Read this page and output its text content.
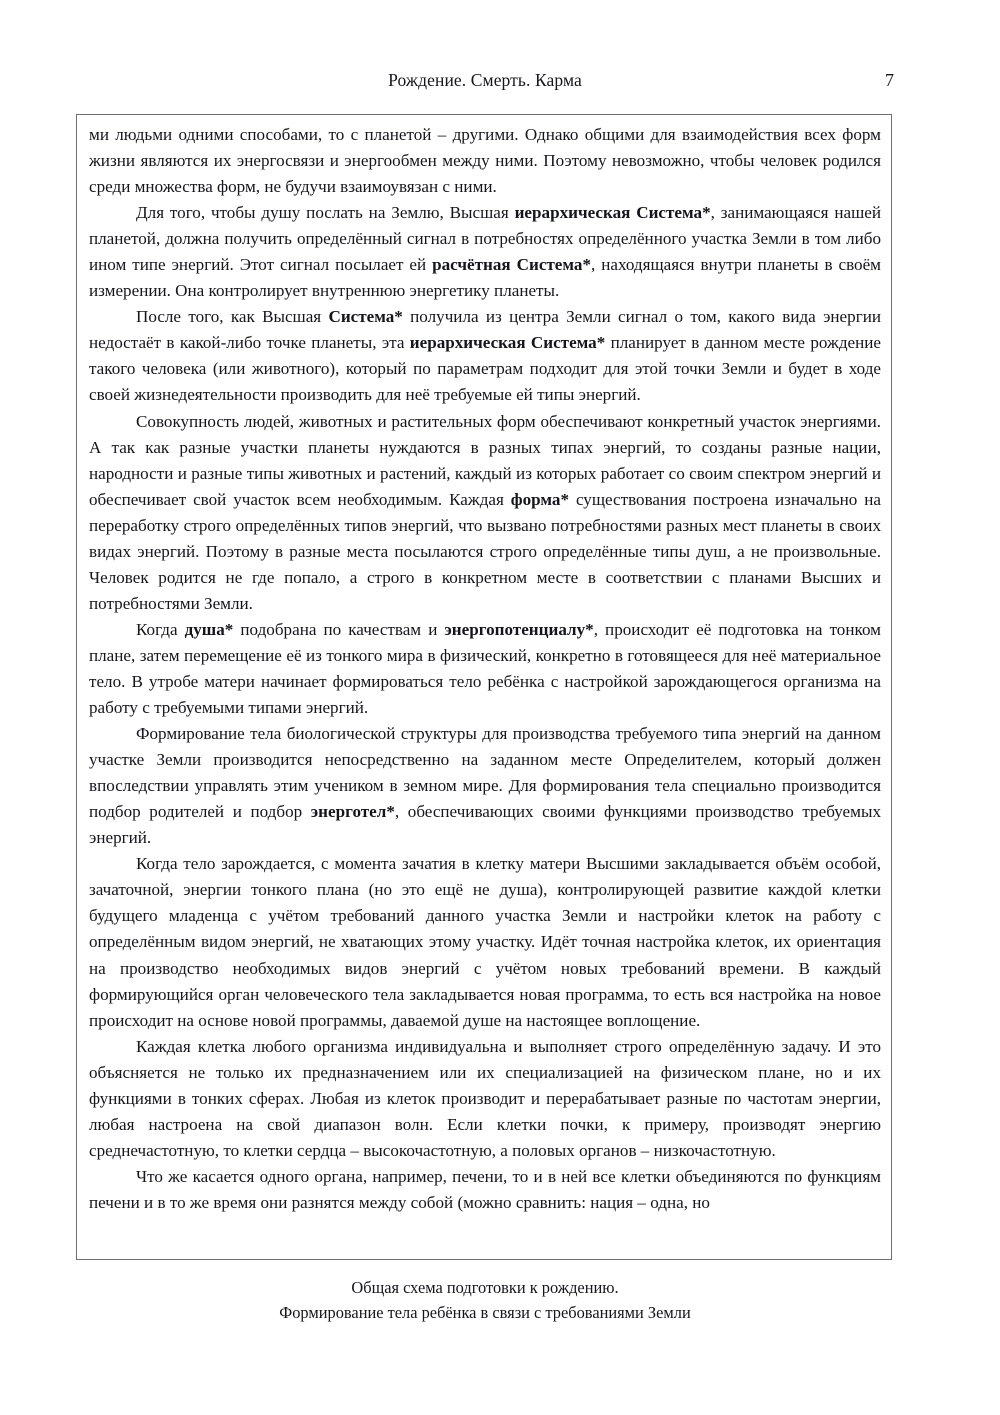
Рождение. Смерть. Карма	7

ми людьми одними способами, то с планетой – другими. Однако общими для взаимодействия всех форм жизни являются их энергосвязи и энергообмен между ними. Поэтому невозможно, чтобы человек родился среди множества форм, не будучи взаимоувязан с ними.

Для того, чтобы душу послать на Землю, Высшая иерархическая Система*, занимающаяся нашей планетой, должна получить определённый сигнал в потребностях определённого участка Земли в том либо ином типе энергий. Этот сигнал посылает ей расчётная Система*, находящаяся внутри планеты в своём измерении. Она контролирует внутреннюю энергетику планеты.

После того, как Высшая Система* получила из центра Земли сигнал о том, какого вида энергии недостаёт в какой-либо точке планеты, эта иерархическая Система* планирует в данном месте рождение такого человека (или животного), который по параметрам подходит для этой точки Земли и будет в ходе своей жизнедеятельности производить для неё требуемые ей типы энергий.

Совокупность людей, животных и растительных форм обеспечивают конкретный участок энергиями. А так как разные участки планеты нуждаются в разных типах энергий, то созданы разные нации, народности и разные типы животных и растений, каждый из которых работает со своим спектром энергий и обеспечивает свой участок всем необходимым. Каждая форма* существования построена изначально на переработку строго определённых типов энергий, что вызвано потребностями разных мест планеты в своих видах энергий. Поэтому в разные места посылаются строго определённые типы душ, а не произвольные. Человек родится не где попало, а строго в конкретном месте в соответствии с планами Высших и потребностями Земли.

Когда душа* подобрана по качествам и энергопотенциалу*, происходит её подготовка на тонком плане, затем перемещение её из тонкого мира в физический, конкретно в готовящееся для неё материальное тело. В утробе матери начинает формироваться тело ребёнка с настройкой зарождающегося организма на работу с требуемыми типами энергий.

Формирование тела биологической структуры для производства требуемого типа энергий на данном участке Земли производится непосредственно на заданном месте Определителем, который должен впоследствии управлять этим учеником в земном мире. Для формирования тела специально производится подбор родителей и подбор энерготел*, обеспечивающих своими функциями производство требуемых энергий.

Когда тело зарождается, с момента зачатия в клетку матери Высшими закладывается объём особой, зачаточной, энергии тонкого плана (но это ещё не душа), контролирующей развитие каждой клетки будущего младенца с учётом требований данного участка Земли и настройки клеток на работу с определённым видом энергий, не хватающих этому участку. Идёт точная настройка клеток, их ориентация на производство необходимых видов энергий с учётом новых требований времени. В каждый формирующийся орган человеческого тела закладывается новая программа, то есть вся настройка на новое происходит на основе новой программы, даваемой душе на настоящее воплощение.

Каждая клетка любого организма индивидуальна и выполняет строго определённую задачу. И это объясняется не только их предназначением или их специализацией на физическом плане, но и их функциями в тонких сферах. Любая из клеток производит и перерабатывает разные по частотам энергии, любая настроена на свой диапазон волн. Если клетки почки, к примеру, производят энергию среднечастотную, то клетки сердца – высокочастотную, а половых органов – низкочастотную.

Что же касается одного органа, например, печени, то и в ней все клетки объединяются по функциям печени и в то же время они разнятся между собой (можно сравнить: нация – одна, но

Общая схема подготовки к рождению.
Формирование тела ребёнка в связи с требованиями Земли
